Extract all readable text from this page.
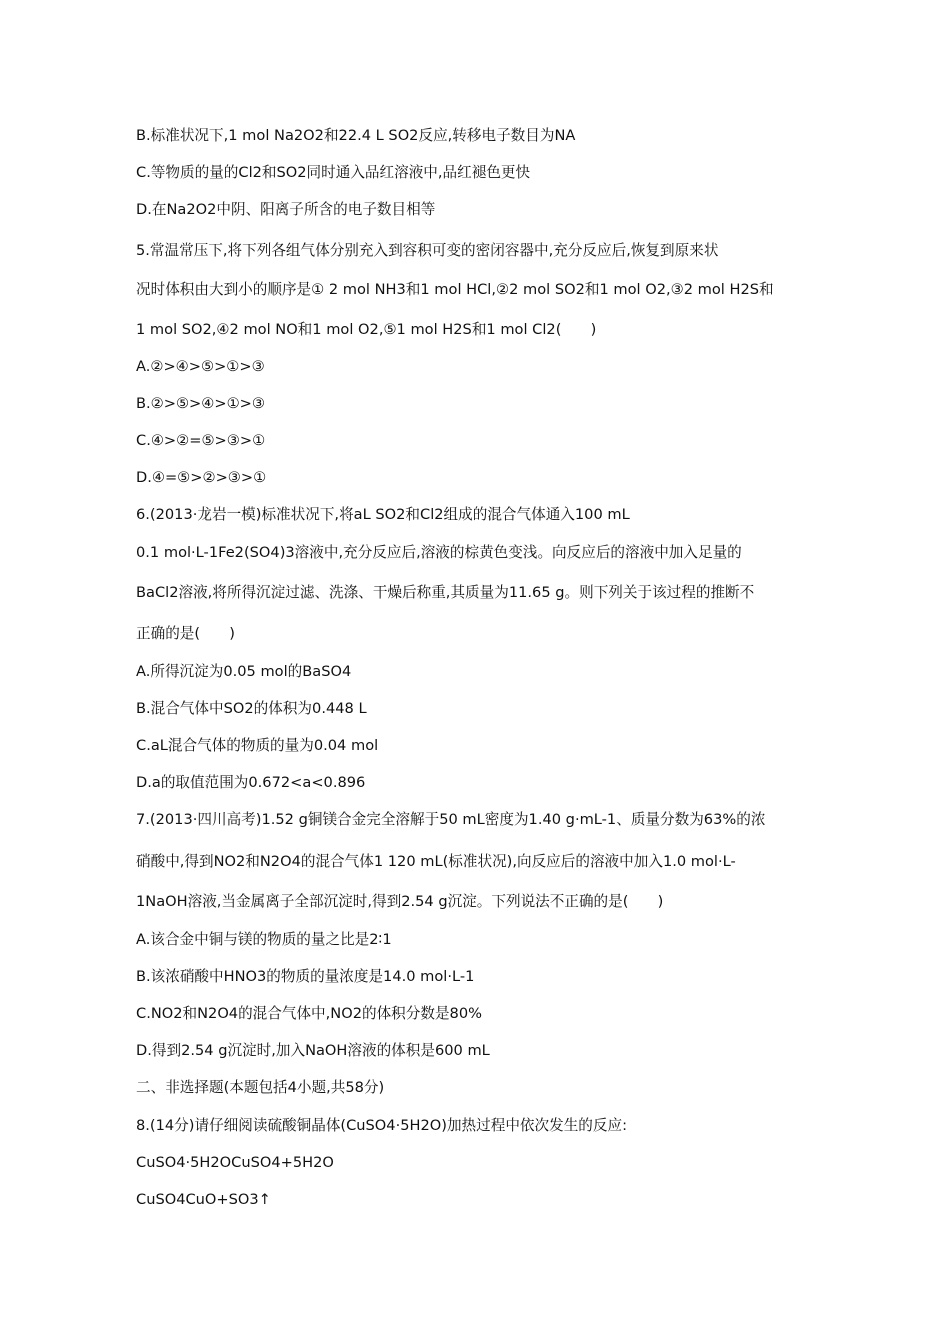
B.标准状况下,1 mol Na2O2和22.4 L SO2反应,转移电子数目为NA
C.等物质的量的Cl2和SO2同时通入品红溶液中,品红褪色更快
D.在Na2O2中阴、阳离子所含的电子数目相等
5.常温常压下,将下列各组气体分别充入到容积可变的密闭容器中,充分反应后,恢复到原来状
况时体积由大到小的顺序是① 2 mol NH3和1 mol HCl,②2 mol SO2和1 mol O2,③2 mol H2S和
1 mol SO2,④2 mol NO和1 mol O2,⑤1 mol H2S和1 mol Cl2(　　)
A.②>④>⑤>①>③
B.②>⑤>④>①>③
C.④>②=⑤>③>①
D.④=⑤>②>③>①
6.(2013·龙岩一模)标准状况下,将aL SO2和Cl2组成的混合气体通入100 mL
0.1 mol·L-1Fe2(SO4)3溶液中,充分反应后,溶液的棕黄色变浅。向反应后的溶液中加入足量的
BaCl2溶液,将所得沉淀过滤、洗涤、干燥后称重,其质量为11.65 g。则下列关于该过程的推断不
正确的是(　　)
A.所得沉淀为0.05 mol的BaSO4
B.混合气体中SO2的体积为0.448 L
C.aL混合气体的物质的量为0.04 mol
D.a的取值范围为0.672<a<0.896
7.(2013·四川高考)1.52 g铜镁合金完全溶解于50 mL密度为1.40 g·mL-1、质量分数为63%的浓
硝酸中,得到NO2和N2O4的混合气体1 120 mL(标准状况),向反应后的溶液中加入1.0 mol·L-
1NaOH溶液,当金属离子全部沉淀时,得到2.54 g沉淀。下列说法不正确的是(　　)
A.该合金中铜与镁的物质的量之比是2∶1
B.该浓硝酸中HNO3的物质的量浓度是14.0 mol·L-1
C.NO2和N2O4的混合气体中,NO2的体积分数是80%
D.得到2.54 g沉淀时,加入NaOH溶液的体积是600 mL
二、非选择题(本题包括4小题,共58分)
8.(14分)请仔细阅读硫酸铜晶体(CuSO4·5H2O)加热过程中依次发生的反应:
CuSO4·5H2OCuSO4+5H2O
CuSO4CuO+SO3↑
